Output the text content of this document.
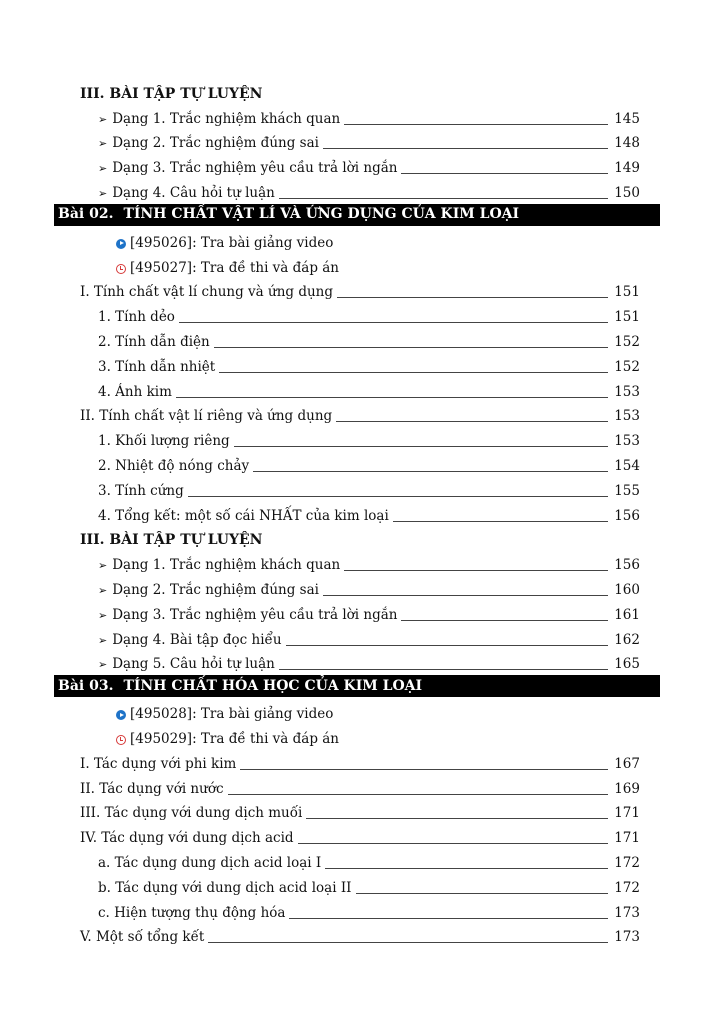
III. BÀI TẬP TỰ LUYỆN
➢ Dạng 1. Trắc nghiệm khách quan	145
➢ Dạng 2. Trắc nghiệm đúng sai	148
➢ Dạng 3. Trắc nghiệm yêu cầu trả lời ngắn	149
➢ Dạng 4. Câu hỏi tự luận	150
Bài 02. TÍNH CHẤT VẬT LÍ VÀ ỨNG DỤNG CỦA KIM LOẠI
[495026]: Tra bài giảng video
[495027]: Tra đề thi và đáp án
I. Tính chất vật lí chung và ứng dụng	151
1. Tính dẻo	151
2. Tính dẫn điện	152
3. Tính dẫn nhiệt	152
4. Ánh kim	153
II. Tính chất vật lí riêng và ứng dụng	153
1. Khối lượng riêng	153
2. Nhiệt độ nóng chảy	154
3. Tính cứng	155
4. Tổng kết: một số cái NHẤT của kim loại	156
III. BÀI TẬP TỰ LUYỆN
➢ Dạng 1. Trắc nghiệm khách quan	156
➢ Dạng 2. Trắc nghiệm đúng sai	160
➢ Dạng 3. Trắc nghiệm yêu cầu trả lời ngắn	161
➢ Dạng 4. Bài tập đọc hiểu	162
➢ Dạng 5. Câu hỏi tự luận	165
Bài 03. TÍNH CHẤT HÓA HỌC CỦA KIM LOẠI
[495028]: Tra bài giảng video
[495029]: Tra đề thi và đáp án
I. Tác dụng với phi kim	167
II. Tác dụng với nước	169
III. Tác dụng với dung dịch muối	171
IV. Tác dụng với dung dịch acid	171
a. Tác dụng dung dịch acid loại I	172
b. Tác dụng với dung dịch acid loại II	172
c. Hiện tượng thụ động hóa	173
V. Một số tổng kết	173
